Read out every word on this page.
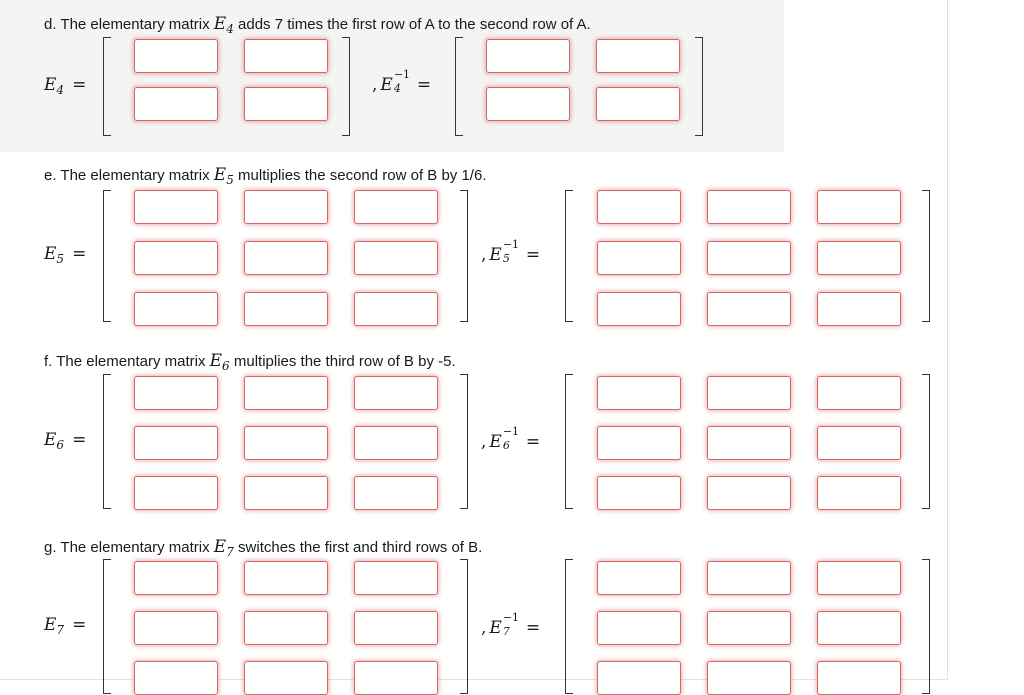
d. The elementary matrix $E_4$ adds 7 times the first row of A to the second row of A.
$E_4$ =	, E
−1
4 =
e. The elementary matrix $E_5$ multiplies the second row of B by 1/6.
$E_5$ =	, E
−1
5 =
f. The elementary matrix $E_6$ multiplies the third row of B by -5.
$E_6$ =	, E
−1
6 =
g. The elementary matrix $E_7$ switches the first and third rows of B.
$E_7$ =	, E
−1
7 =
